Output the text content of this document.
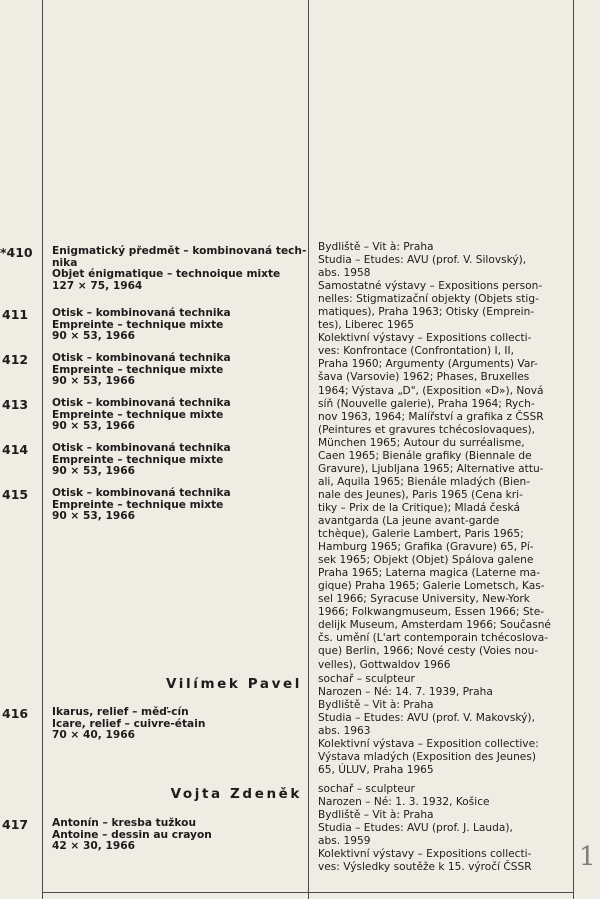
*410
411
412
413
414
415
416
417
Enigmatický předmět – kombinovaná tech-
nika
Objet énigmatique – technoique mixte
127 × 75, 1964
Otisk – kombinovaná technika
Empreinte – technique mixte
90 × 53, 1966
Otisk – kombinovaná technika
Empreinte – technique mixte
90 × 53, 1966
Otisk – kombinovaná technika
Empreinte – technique mixte
90 × 53, 1966
Otisk – kombinovaná technika
Empreinte – technique mixte
90 × 53, 1966
Otisk – kombinovaná technika
Empreinte – technique mixte
90 × 53, 1966
Ikarus, relief – měď-cín
Icare, relief – cuivre-étain
70 × 40, 1966
Antonín – kresba tužkou
Antoine – dessin au crayon
42 × 30, 1966
Vilímek Pavel
Vojta Zdeněk
Bydliště – Vit à: Praha
Studia – Etudes: AVU (prof. V. Silovský),
abs. 1958
Samostatné výstavy – Expositions person-
nelles: Stigmatizační objekty (Objets stig-
matiques), Praha 1963; Otisky (Emprein-
tes), Liberec 1965
Kolektivní výstavy – Expositions collecti-
ves: Konfrontace (Confrontation) I, II,
Praha 1960; Argumenty (Arguments) Var-
šava (Varsovie) 1962; Phases, Bruxelles
1964; Výstava „D", (Exposition «D»), Nová
síň (Nouvelle galerie), Praha 1964; Rych-
nov 1963, 1964; Malířství a grafika z ČSSR
(Peintures et gravures tchécoslovaques),
München 1965; Autour du surréalisme,
Caen 1965; Bienále grafiky (Biennale de
Gravure), Ljubljana 1965; Alternative attu-
ali, Aquila 1965; Bienále mladých (Bien-
nale des Jeunes), Paris 1965 (Cena kri-
tiky – Prix de la Critique); Mladá česká
avantgarda (La jeune avant-garde
tchèque), Galerie Lambert, Paris 1965;
Hamburg 1965; Grafika (Gravure) 65, Pí-
sek 1965; Objekt (Objet) Spálova galene
Praha 1965; Laterna magica (Laterne ma-
gique) Praha 1965; Galerie Lometsch, Kas-
sel 1966; Syracuse University, New-York
1966; Folkwangmuseum, Essen 1966; Ste-
delijk Museum, Amsterdam 1966; Současné
čs. umění (L'art contemporain tchécoslova-
que) Berlin, 1966; Nové cesty (Voies nou-
velles), Gottwaldov 1966
sochař – sculpteur
Narozen – Né: 14. 7. 1939, Praha
Bydliště – Vit à: Praha
Studia – Etudes: AVU (prof. V. Makovský),
abs. 1963
Kolektivní výstava – Exposition collective:
Výstava mladých (Exposition des Jeunes)
65, ÚLUV, Praha 1965
sochař – sculpteur
Narozen – Né: 1. 3. 1932, Košice
Bydliště – Vit à: Praha
Studia – Etudes: AVU (prof. J. Lauda),
abs. 1959
Kolektivní výstavy – Expositions collecti-
ves: Výsledky soutěže k 15. výročí ČSSR	1
